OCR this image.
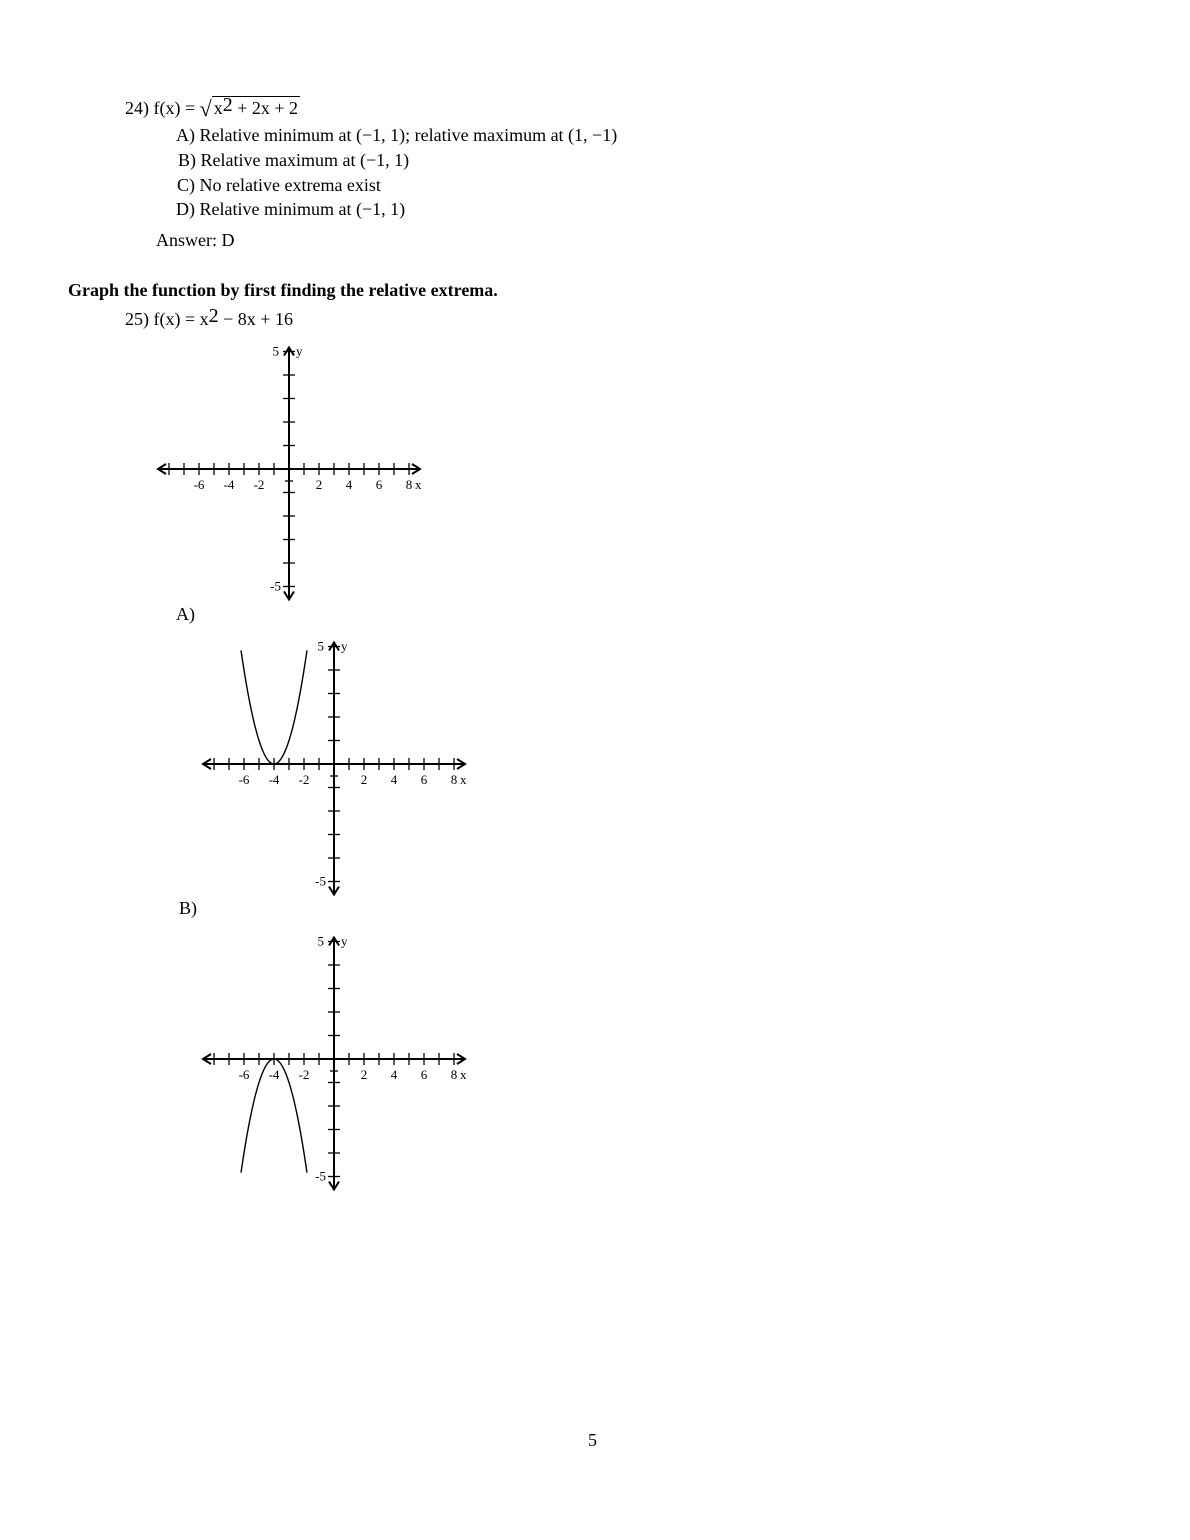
24) f(x) = √ $x^2 + 2x + 2$
A) Relative minimum at (−1, 1); relative maximum at (1, −1)
B) Relative maximum at (−1, 1)
C) No relative extrema exist
D) Relative minimum at (−1, 1)
Answer: D
Graph the function by first finding the relative extrema.
25) $f(x) = x^2 - 8x + 16$
-6 -4 -2	2 4 6 8 x
5
-5
y
A)
B)
-6 -4 -2	2 4 6 8 x
5
-5
y
-6 -4 -2	2 4 6 8 x
5
-5
y
5
